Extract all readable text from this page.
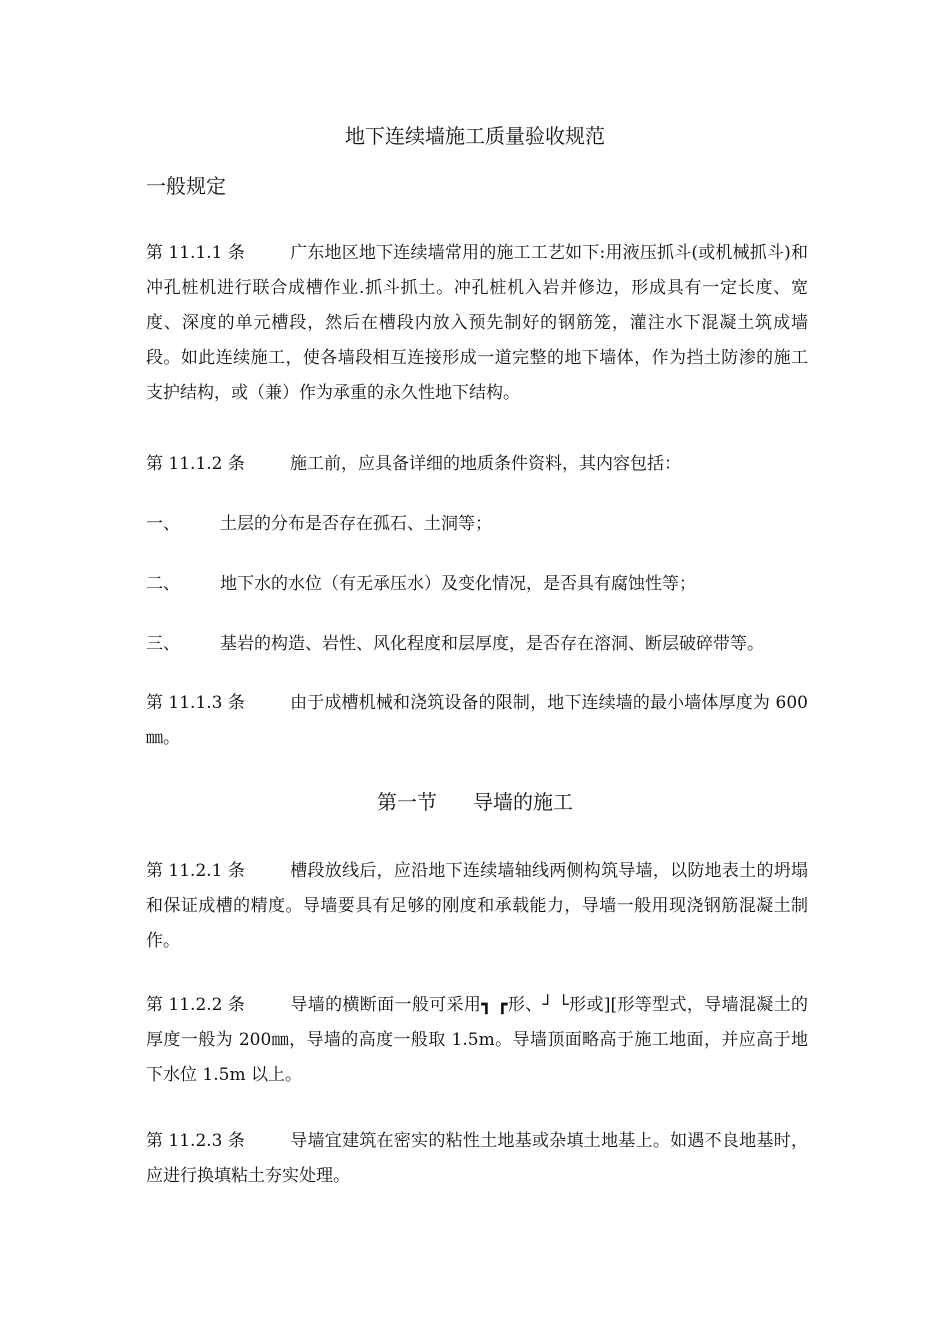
地下连续墙施工质量验收规范
一般规定
第 11.1.1 条	广东地区地下连续墙常用的施工工艺如下:用液压抓斗(或机械抓斗)和冲孔桩机进行联合成槽作业.抓斗抓土。冲孔桩机入岩并修边，形成具有一定长度、宽度、深度的单元槽段，然后在槽段内放入预先制好的钢筋笼，灌注水下混凝土筑成墙段。如此连续施工，使各墙段相互连接形成一道完整的地下墙体，作为挡土防渗的施工支护结构，或（兼）作为承重的永久性地下结构。
第 11.1.2 条	施工前，应具备详细的地质条件资料，其内容包括：
一、 土层的分布是否存在孤石、土洞等；
二、 地下水的水位（有无承压水）及变化情况，是否具有腐蚀性等；
三、 基岩的构造、岩性、风化程度和层厚度，是否存在溶洞、断层破碎带等。
第 11.1.3 条	由于成槽机械和浇筑设备的限制，地下连续墙的最小墙体厚度为 600㎜。
第一节 导墙的施工
第 11.2.1 条	槽段放线后，应沿地下连续墙轴线两侧构筑导墙，以防地表土的坍塌和保证成槽的精度。导墙要具有足够的刚度和承载能力，导墙一般用现浇钢筋混凝土制作。
第 11.2.2 条	导墙的横断面一般可采用┓ ┏形、┘ └形或][形等型式，导墙混凝土的厚度一般为 200㎜，导墙的高度一般取 1.5m。导墙顶面略高于施工地面，并应高于地下水位 1.5m 以上。
第 11.2.3 条	导墙宜建筑在密实的粘性土地基或杂填土地基上。如遇不良地基时，应进行换填粘土夯实处理。
